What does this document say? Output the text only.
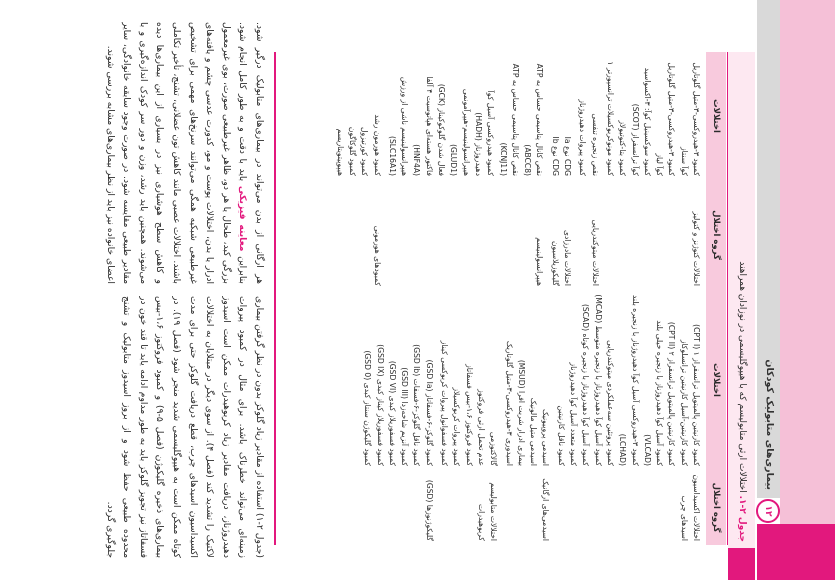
بیماری‌های متابولیک کودکان
۱۲
جدول ۲-۱. اختلالات ارثی متابولیسم که با هیپوگلیسمی در نوزادان همراهند
گروه اختلال
اختلالات
گروه اختلال
اختلالات
اختلالات اکسیداسیون اسیدهای چرب
کمبود کارنیتین پالمیتویل ترانسفراز ۱ (CPT I)
کمبود کارنیتین-آسیل کارنیتین ترانسلوکاز
کمبود کارنیتین پالمیتویل ترانسفراز ۲ (CPT II)
کمبود آسیل کوآ دهیدروژناز با زنجیره خیلی بلند (VLCAD)
کمبود ۳-هیدروکسی آسیل کوآ دهیدروژناز با زنجیره بلند (LCHAD)
کمبود پروتئین سه‌عملکردی میتوکندریایی
کمبود آسیل کوآ دهیدروژناز با زنجیره متوسط (MCAD)
کمبود آسیل کوآ دهیدروژناز با زنجیره کوتاه (SCAD)
کمبود متعدد آسیل کوآ دهیدروژناز
کمبود ناقل کارنیتین
اسیدمی‌های ارگانیک
اسیدمی پروپیونیک
اسیدمی متیل مالونیک
بیماری ادرار شربت افرا (MSUD)
اسیدوری ۳-هیدروکسی-۳-متیل گلوتاریک
اختلالات متابولیسم کربوهیدرات
گالاکتوزمی
عدم تحمل ارثی فروکتوز
کمبود فروکتوز ۱،۶-بیس فسفاتاز
کمبود پیروات کربوکسیلاز
کمبود فسفوانول پیروات کربوکسی کیناز
گلیکوژنوزها (GSD)
کمبود گلوکز-۶-فسفاتاز (GSD Ia)
کمبود ناقل گلوکز-۶-فسفات (GSD Ib)
کمبود آنزیم شاخه‌زدا (GSD III)
کمبود فسفوریلاز کبدی (GSD VI)
کمبود فسفوریلاز کیناز کبدی (GSD IX)
کمبود گلیکوژن سنتاز کبدی (GSD 0)
اختلالات کتوژنز و کتولیز
کمبود ۳-هیدروکسی-۳-متیل گلوتاریل کوآ سنتاز
کمبود ۳-هیدروکسی-۳-متیل گلوتاریل کوآ لیاز
کمبود سوکسینیل کوآ: ۳-اکسواسید کوآ ترانسفراز (SCOT)
کمبود بتا-کتوتیولاز
کمبود مونوکربوکسیلات ترانسپورتر ۱
اختلالات میتوکندریایی
نقص زنجیره تنفسی
کمبود پیروات دهیدروژناز
اختلالات مادرزادی گلیکوزیلاسیون
CDG نوع Ia
CDG نوع Ib
هیپرانسولینیسم
نقص کانال پتاسیمی حساس به ATP (ABCC8)
نقص کانال پتاسیمی حساس به ATP (KCNJ11)
کمبود هیدروکسی آسیل کوآ دهیدروژناز (HADH)
هیپرانسولینیسم-هیپرآمونمی (GLUD1)
فعال شدن گلوکوکیناز (GCK)
فاکتور هسته‌ای هپاتوسیت ۴ آلفا (HNF4A)
هیپرانسولینیسم ناشی از ورزش (SLC16A1)
کمبودهای هورمونی
کمبود هورمون رشد
کمبود کورتیزول
کمبود گلوکاگون
هیپوپیتویتاریسم

(جدول ۲-۱) استفاده از مقادیر زیاد گلوکز بدون در نظر گرفتن بیماری زمینه‌ای می‌تواند خطرناک باشد. برای مثال در کمبود پیروات دهیدروژناز، دریافت مقادیر زیاد کربوهیدرات ممکن است اسیدوز لاکتیک را تشدید کند (فصل ۴). از سوی دیگر در مبتلایان به اختلالات اکسیداسیون اسیدهای چرب، قطع دریافت گلوکز حتی برای مدت کوتاه ممکن است به هیپوگلیسمی شدید منجر شود (فصل ۱۹). در بیماری‌های ذخیره گلیکوژن (فصل ۵-۹) و کمبود فروکتوز ۱،۶-بیس فسفاتاز نیز تجویز گلوکز باید به طور مداوم ادامه یابد تا قند خون در محدوده طبیعی حفظ شود و از بروز اسیدوز متابولیک و تشنج جلوگیری گردد.

هر ارگانی از بدن می‌تواند در بیماری‌های متابولیک درگیر شود. بنابراین معاینه فیزیکی باید با دقت و به طور کامل انجام شود. بزرگی کبد، طحال یا هر دو، ظاهر غیرطبیعی صورت، بوی غیرمعمول ادرار یا بدن، اختلالات پوست و مو، کدورت عدسی چشم و یافته‌های غیرطبیعی شبکیه همگی می‌توانند سرنخ‌های مهمی برای تشخیص باشند. اختلالات عصبی مانند کاهش تون عضلانی، تشنج، تأخیر تکاملی و کاهش سطح هوشیاری نیز در بسیاری از این بیماری‌ها دیده می‌شوند. همچنین باید رشد، وزن و دور سر کودک اندازه‌گیری و با مقادیر طبیعی مقایسه شود. در صورت وجود سابقه خانوادگی، سایر اعضای خانواده نیز باید از نظر بیماری‌های مشابه بررسی شوند.
